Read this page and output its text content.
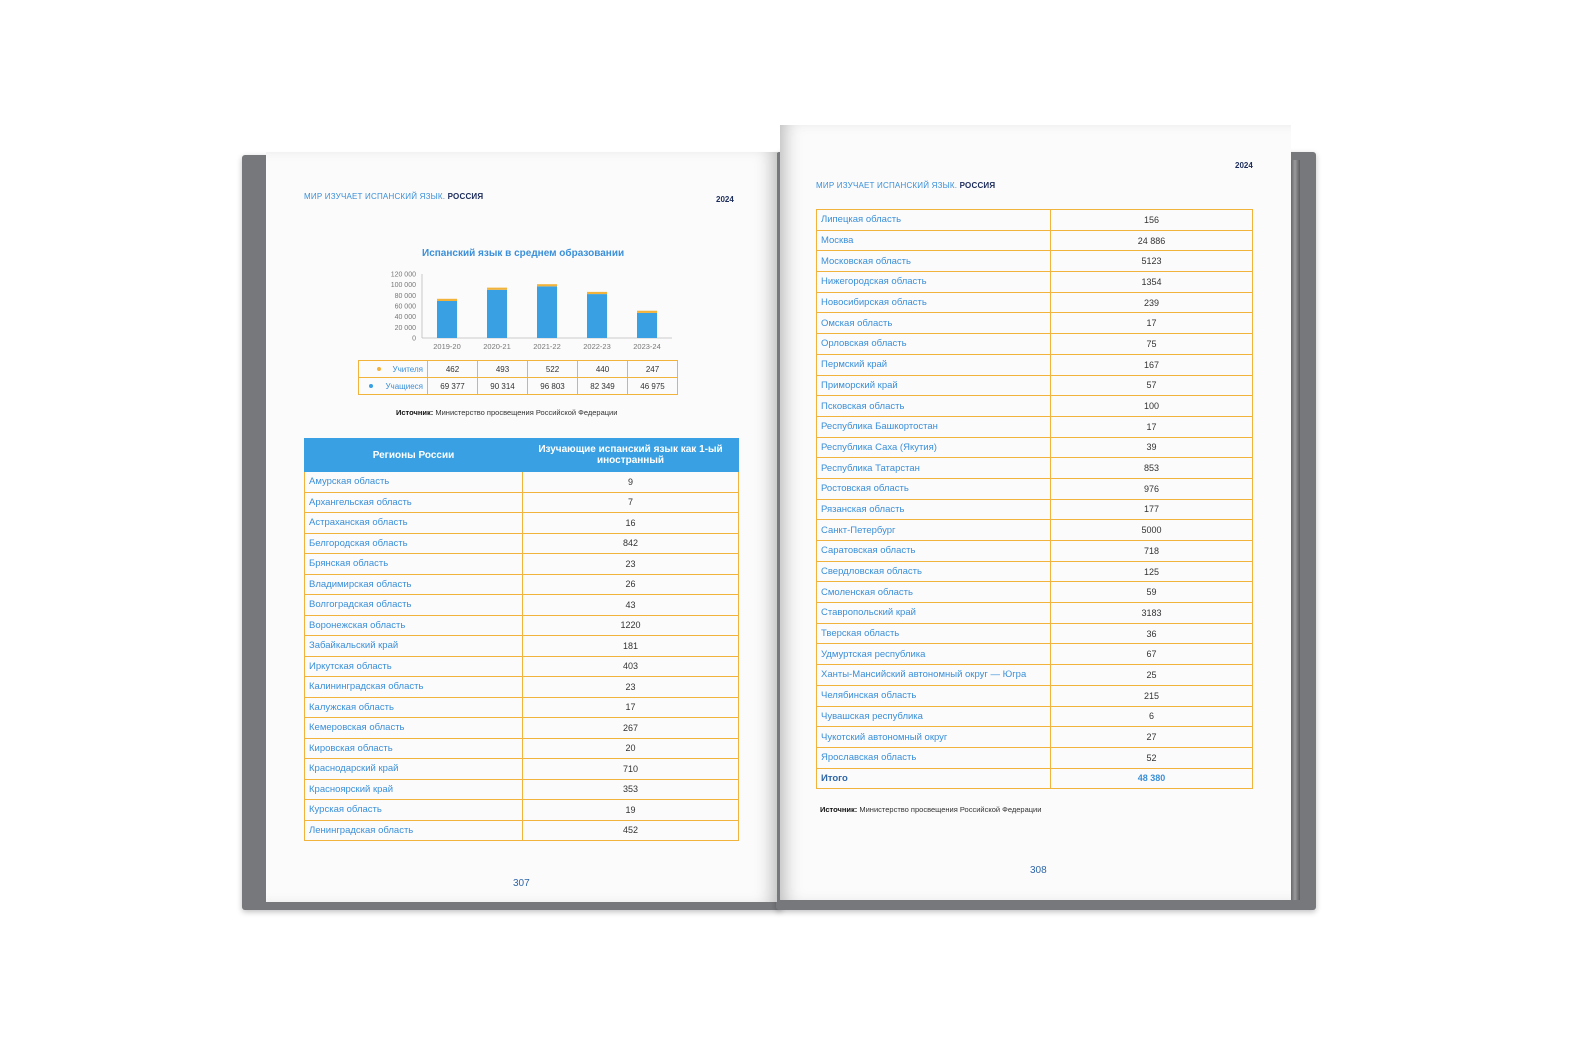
МИР ИЗУЧАЕТ ИСПАНСКИЙ ЯЗЫК. РОССИЯ	2024
Испанский язык в среднем образовании
120 000
100 000
80 000
60 000
40 000
20 000
0
2019-20	2020-21	2021-22	2022-23	2023-24
Учителя	462	493	522	440	247
Учащиеся	69 377	90 314	96 803	82 349	46 975
Источник: Министерство просвещения Российской Федерации
Регионы России	Изучающие испанский язык как 1-ый иностранный
Амурская область	9
Архангельская область	7
Астраханская область	16
Белгородская область	842
Брянская область	23
Владимирская область	26
Волгоградская область	43
Воронежская область	1220
Забайкальский край	181
Иркутская область	403
Калининградская область	23
Калужская область	17
Кемеровская область	267
Кировская область	20
Краснодарский край	710
Красноярский край	353
Курская область	19
Ленинградская область	452
307
МИР ИЗУЧАЕТ ИСПАНСКИЙ ЯЗЫК. РОССИЯ
2024
Липецкая область	156
Москва	24 886
Московская область	5123
Нижегородская область	1354
Новосибирская область	239
Омская область	17
Орловская область	75
Пермский край	167
Приморский край	57
Псковская область	100
Республика Башкортостан	17
Республика Саха (Якутия)	39
Республика Татарстан	853
Ростовская область	976
Рязанская область	177
Санкт-Петербург	5000
Саратовская область	718
Свердловская область	125
Смоленская область	59
Ставропольский край	3183
Тверская область	36
Удмуртская республика	67
Ханты-Мансийский автономный округ — Югра	25
Челябинская область	215
Чувашская республика	6
Чукотский автономный округ	27
Ярославская область	52
Итого	48 380
Источник: Министерство просвещения Российской Федерации
308
